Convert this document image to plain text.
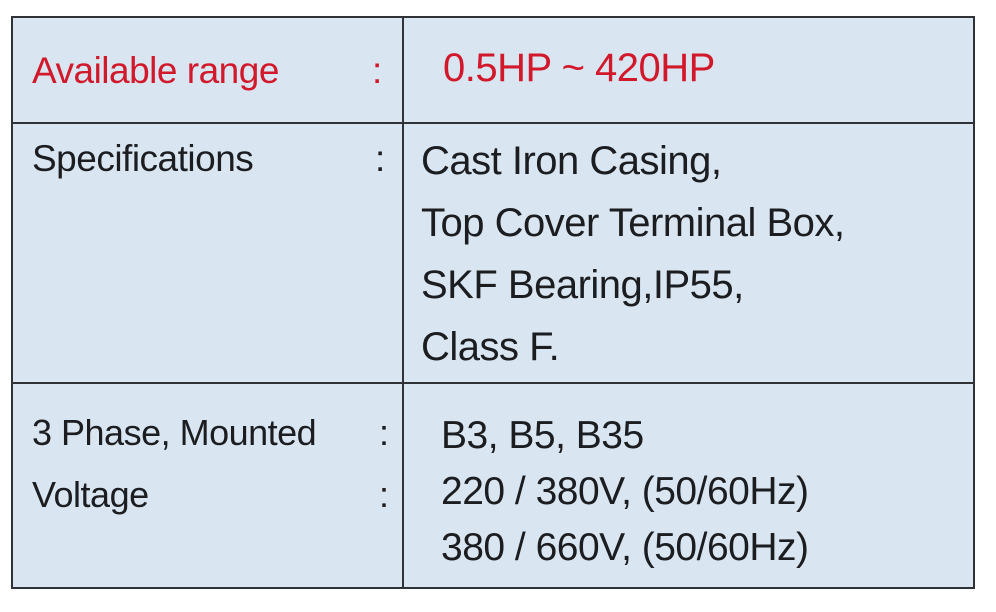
Available range	: 0.5HP ~ 420HP
Specifications	: Cast Iron Casing,
Top Cover Terminal Box,
SKF Bearing,IP55,
Class F.
3 Phase, Mounted
Voltage
:
:
B3, B5, B35
220 / 380V, (50/60Hz)
380 / 660V, (50/60Hz)
